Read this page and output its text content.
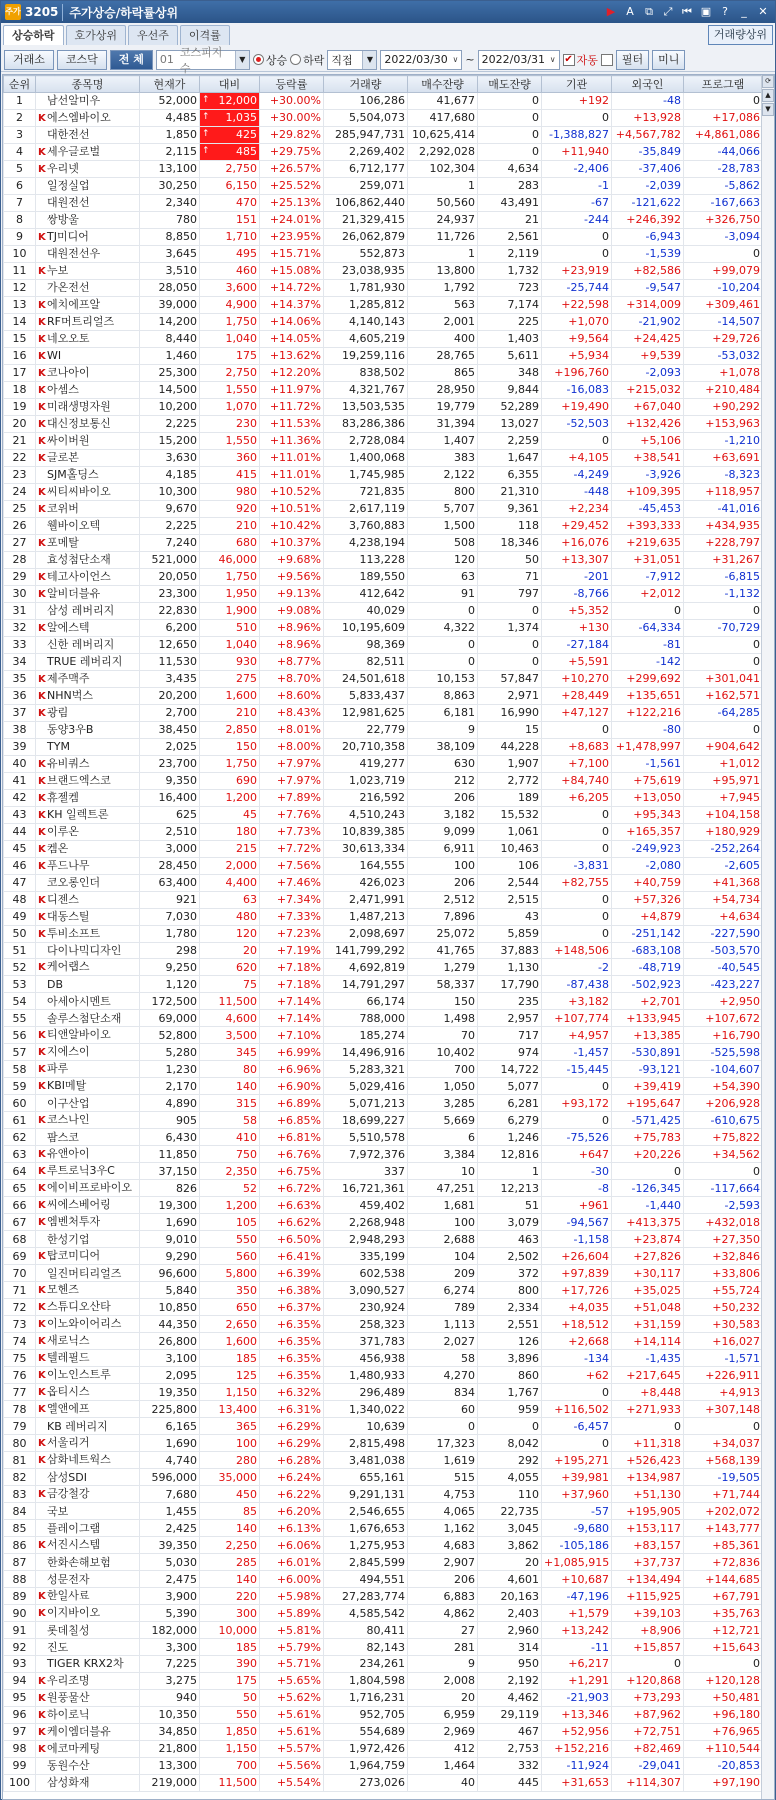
주가 3205 주가상승/하락률상위	▶	A	⧉ ⤢ ⏮ ▣ ?	_	✕
상승하락	호가상위	우선주	이격률	거래량상위
거래소	코스닥	전 체	01
코스피지수
▼	상승 하락 직접	▼	2022/03/30 ∨ ~ 2022/03/31 ∨ ✔ 자동	필터	미니
순위	종목명	현재가	대비	등락률	거래량	매수잔량	매도잔량	기관	외국인	프로그램
1	남선알미우	52,000	↑ 12,000	+30.00%	106,286	41,677	0	+192	-48	0
2	K에스엠바이오	4,485	↑ 1,035	+30.00%	5,504,073	417,680	0	0	+13,928	+17,086
3	대한전선	1,850	↑ 425	+29.82%	285,947,731	10,625,414	0	-1,388,827	+4,567,782	+4,861,086
4	K세우글로벌	2,115	↑ 485	+29.75%	2,269,402	2,292,028	0	+11,940	-35,849	-44,066
5	K우리넷	13,100	2,750	+26.57%	6,712,177	102,304	4,634	-2,406	-37,406	-28,783
6	일정실업	30,250	6,150	+25.52%	259,071	1	283	-1	-2,039	-5,862
7	대원전선	2,340	470	+25.13%	106,862,440	50,560	43,491	-67	-121,622	-167,663
8	쌍방울	780	151	+24.01%	21,329,415	24,937	21	-244	+246,392	+326,750
9	KTJ미디어	8,850	1,710	+23.95%	26,062,879	11,726	2,561	0	-6,943	-3,094
10	대원전선우	3,645	495	+15.71%	552,873	1	2,119	0	-1,539	0
11	K누보	3,510	460	+15.08%	23,038,935	13,800	1,732	+23,919	+82,586	+99,079
12	가온전선	28,050	3,600	+14.72%	1,781,930	1,792	723	-25,744	-9,547	-10,204
13	K에치에프알	39,000	4,900	+14.37%	1,285,812	563	7,174	+22,598	+314,009	+309,461
14	KRF머트리얼즈	14,200	1,750	+14.06%	4,140,143	2,001	225	+1,070	-21,902	-14,507
15	K네오오토	8,440	1,040	+14.05%	4,605,219	400	1,403	+9,564	+24,425	+29,726
16	KWI	1,460	175	+13.62%	19,259,116	28,765	5,611	+5,934	+9,539	-53,032
17	K코나아이	25,300	2,750	+12.20%	838,502	865	348	+196,760	-2,093	+1,078
18	K아셈스	14,500	1,550	+11.97%	4,321,767	28,950	9,844	-16,083	+215,032	+210,484
19	K미래생명자원	10,200	1,070	+11.72%	13,503,535	19,779	52,289	+19,490	+67,040	+90,292
20	K대신정보통신	2,225	230	+11.53%	83,286,386	31,394	13,027	-52,503	+132,426	+153,963
21	K싸이버원	15,200	1,550	+11.36%	2,728,084	1,407	2,259	0	+5,106	-1,210
22	K글로본	3,630	360	+11.01%	1,400,068	383	1,647	+4,105	+38,541	+63,691
23	SJM홀딩스	4,185	415	+11.01%	1,745,985	2,122	6,355	-4,249	-3,926	-8,323
24	K씨티씨바이오	10,300	980	+10.52%	721,835	800	21,310	-448	+109,395	+118,957
25	K코위버	9,670	920	+10.51%	2,617,119	5,707	9,361	+2,234	-45,453	-41,016
26	웰바이오텍	2,225	210	+10.42%	3,760,883	1,500	118	+29,452	+393,333	+434,935
27	K포메탈	7,240	680	+10.37%	4,238,194	508	18,346	+16,076	+219,635	+228,797
28	효성첨단소재	521,000	46,000	+9.68%	113,228	120	50	+13,307	+31,051	+31,267
29	K테고사이언스	20,050	1,750	+9.56%	189,550	63	71	-201	-7,912	-6,815
30	K알비더블유	23,300	1,950	+9.13%	412,642	91	797	-8,766	+2,012	-1,132
31	삼성 레버리지	22,830	1,900	+9.08%	40,029	0	0	+5,352	0	0
32	K알에스텍	6,200	510	+8.96%	10,195,609	4,322	1,374	+130	-64,334	-70,729
33	신한 레버리지	12,650	1,040	+8.96%	98,369	0	0	-27,184	-81	0
34	TRUE 레버리지	11,530	930	+8.77%	82,511	0	0	+5,591	-142	0
35	K제주맥주	3,435	275	+8.70%	24,501,618	10,153	57,847	+10,270	+299,692	+301,041
36	KNHN벅스	20,200	1,600	+8.60%	5,833,437	8,863	2,971	+28,449	+135,651	+162,571
37	K광림	2,700	210	+8.43%	12,981,625	6,181	16,990	+47,127	+122,216	-64,285
38	동양3우B	38,450	2,850	+8.01%	22,779	9	15	0	-80	0
39	TYM	2,025	150	+8.00%	20,710,358	38,109	44,228	+8,683	+1,478,997	+904,642
40	K유비쿼스	23,700	1,750	+7.97%	419,277	630	1,907	+7,100	-1,561	+1,012
41	K브랜드엑스코	9,350	690	+7.97%	1,023,719	212	2,772	+84,740	+75,619	+95,971
42	K휴젤켐	16,400	1,200	+7.89%	216,592	206	189	+6,205	+13,050	+7,945
43	KKH 일렉트론	625	45	+7.76%	4,510,243	3,182	15,532	0	+95,343	+104,158
44	K이루온	2,510	180	+7.73%	10,839,385	9,099	1,061	0	+165,357	+180,929
45	K켐온	3,000	215	+7.72%	30,613,334	6,911	10,463	0	-249,923	-252,264
46	K푸드나무	28,450	2,000	+7.56%	164,555	100	106	-3,831	-2,080	-2,605
47	코오롱인더	63,400	4,400	+7.46%	426,023	206	2,544	+82,755	+40,759	+41,368
48	K디젠스	921	63	+7.34%	2,471,991	2,512	2,515	0	+57,326	+54,734
49	K대동스틸	7,030	480	+7.33%	1,487,213	7,896	43	0	+4,879	+4,634
50	K투비소프트	1,780	120	+7.23%	2,098,697	25,072	5,859	0	-251,142	-227,590
51	다이나믹디자인	298	20	+7.19%	141,799,292	41,765	37,883	+148,506	-683,108	-503,570
52	K케어랩스	9,250	620	+7.18%	4,692,819	1,279	1,130	-2	-48,719	-40,545
53	DB	1,120	75	+7.18%	14,791,297	58,337	17,790	-87,438	-502,923	-423,227
54	아세아시멘트	172,500	11,500	+7.14%	66,174	150	235	+3,182	+2,701	+2,950
55	솔루스첨단소재	69,000	4,600	+7.14%	788,000	1,498	2,957	+107,774	+133,945	+107,672
56	K티앤알바이오	52,800	3,500	+7.10%	185,274	70	717	+4,957	+13,385	+16,790
57	K지에스이	5,280	345	+6.99%	14,496,916	10,402	974	-1,457	-530,891	-525,598
58	K파루	1,230	80	+6.96%	5,283,321	700	14,722	-15,445	-93,121	-104,607
59	KKBI메탈	2,170	140	+6.90%	5,029,416	1,050	5,077	0	+39,419	+54,390
60	이구산업	4,890	315	+6.89%	5,071,213	3,285	6,281	+93,172	+195,647	+206,928
61	K코스나인	905	58	+6.85%	18,699,227	5,669	6,279	0	-571,425	-610,675
62	팜스코	6,430	410	+6.81%	5,510,578	6	1,246	-75,526	+75,783	+75,822
63	K유앤아이	11,850	750	+6.76%	7,972,376	3,384	12,816	+647	+20,226	+34,562
64	K루트로닉3우C	37,150	2,350	+6.75%	337	10	1	-30	0	0
65	K에이비프로바이오	826	52	+6.72%	16,721,361	47,251	12,213	-8	-126,345	-117,664
66	K씨에스베어링	19,300	1,200	+6.63%	459,402	1,681	51	+961	-1,440	-2,593
67	K엠벤처투자	1,690	105	+6.62%	2,268,948	100	3,079	-94,567	+413,375	+432,018
68	한성기업	9,010	550	+6.50%	2,948,293	2,688	463	-1,158	+23,874	+27,350
69	K탑코미디어	9,290	560	+6.41%	335,199	104	2,502	+26,604	+27,826	+32,846
70	일진머티리얼즈	96,600	5,800	+6.39%	602,538	209	372	+97,839	+30,117	+33,806
71	K모헨즈	5,840	350	+6.38%	3,090,527	6,274	800	+17,726	+35,025	+55,724
72	K스튜디오산타	10,850	650	+6.37%	230,924	789	2,334	+4,035	+51,048	+50,232
73	K이노와이어리스	44,350	2,650	+6.35%	258,323	1,113	2,551	+18,512	+31,159	+30,583
74	K새로닉스	26,800	1,600	+6.35%	371,783	2,027	126	+2,668	+14,114	+16,027
75	K텔레필드	3,100	185	+6.35%	456,938	58	3,896	-134	-1,435	-1,571
76	K이노인스트루	2,095	125	+6.35%	1,480,933	4,270	860	+62	+217,645	+226,911
77	K옵티시스	19,350	1,150	+6.32%	296,489	834	1,767	0	+8,448	+4,913
78	K엘앤에프	225,800	13,400	+6.31%	1,340,022	60	959	+116,502	+271,933	+307,148
79	KB 레버리지	6,165	365	+6.29%	10,639	0	0	-6,457	0	0
80	K서울리거	1,690	100	+6.29%	2,815,498	17,323	8,042	0	+11,318	+34,037
81	K삼화네트웍스	4,740	280	+6.28%	3,481,038	1,619	292	+195,271	+526,423	+568,139
82	삼성SDI	596,000	35,000	+6.24%	655,161	515	4,055	+39,981	+134,987	-19,505
83	K금강철강	7,680	450	+6.22%	9,291,131	4,753	110	+37,960	+51,130	+71,744
84	국보	1,455	85	+6.20%	2,546,655	4,065	22,735	-57	+195,905	+202,072
85	플레이그램	2,425	140	+6.13%	1,676,653	1,162	3,045	-9,680	+153,117	+143,777
86	K서진시스템	39,350	2,250	+6.06%	1,275,953	4,683	3,862	-105,186	+83,157	+85,361
87	한화손해보험	5,030	285	+6.01%	2,845,599	2,907	20	+1,085,915	+37,737	+72,836
88	성문전자	2,475	140	+6.00%	494,551	206	4,601	+10,687	+134,494	+144,685
89	K한일사료	3,900	220	+5.98%	27,283,774	6,883	20,163	-47,196	+115,925	+67,791
90	K이지바이오	5,390	300	+5.89%	4,585,542	4,862	2,403	+1,579	+39,103	+35,763
91	롯데칠성	182,000	10,000	+5.81%	80,411	27	2,960	+13,242	+8,906	+12,721
92	진도	3,300	185	+5.79%	82,143	281	314	-11	+15,857	+15,643
93	TIGER KRX2차	7,225	390	+5.71%	234,261	9	950	+6,217	0	0
94	K우리조명	3,275	175	+5.65%	1,804,598	2,008	2,192	+1,291	+120,868	+120,128
95	K원풍물산	940	50	+5.62%	1,716,231	20	4,462	-21,903	+73,293	+50,481
96	K하이로닉	10,350	550	+5.61%	952,705	6,959	29,119	+13,346	+87,962	+96,180
97	K케이엠더블유	34,850	1,850	+5.61%	554,689	2,969	467	+52,956	+72,751	+76,965
98	K에코마케팅	21,800	1,150	+5.57%	1,972,426	412	2,753	+152,216	+82,469	+110,544
99	동원수산	13,300	700	+5.56%	1,964,759	1,464	332	-11,924	-29,041	-20,853
100	삼성화재	219,000	11,500	+5.54%	273,026	40	445	+31,653	+114,307	+97,190
⟳
▲
▼
